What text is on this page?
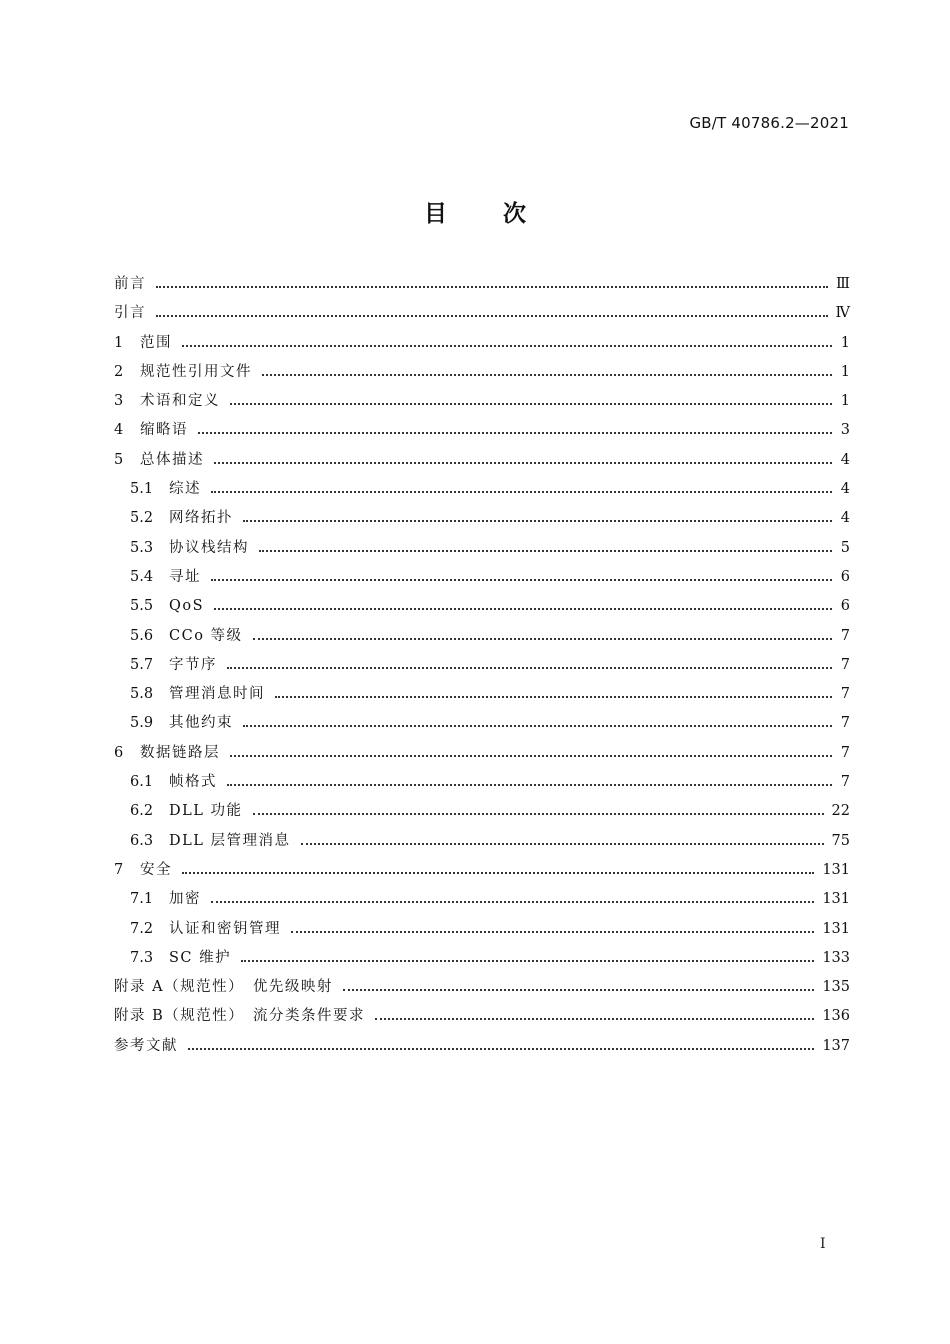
GB/T 40786.2—2021
目次
前言	Ⅲ
引言	Ⅳ
1	范围	1
2	规范性引用文件	1
3	术语和定义	1
4	缩略语	3
5	总体描述	4
5.1	综述	4
5.2	网络拓扑	4
5.3	协议栈结构	5
5.4	寻址	6
5.5	QoS	6
5.6	CCo 等级	7
5.7	字节序	7
5.8	管理消息时间	7
5.9	其他约束	7
6	数据链路层	7
6.1	帧格式	7
6.2	DLL 功能	22
6.3	DLL 层管理消息	75
7	安全	131
7.1	加密	131
7.2	认证和密钥管理	131
7.3	SC 维护	133
附录 A（规范性）　优先级映射	135
附录 B（规范性）　流分类条件要求	136
参考文献	137
Ⅰ
